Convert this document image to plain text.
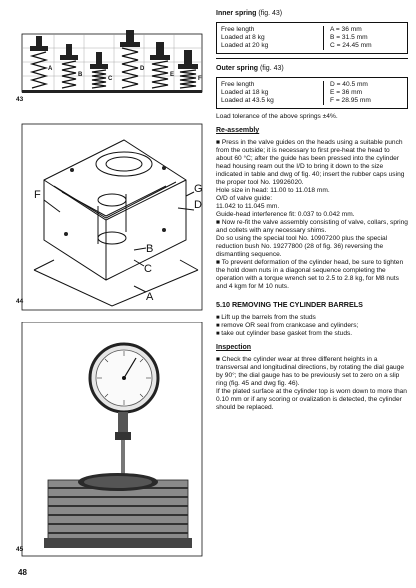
A
B
C
D
E
F
43
F	G
D
B
C
A
44
45

Inner spring (fig. 43)

Free length
Loaded at 8 kg
Loaded at 20 kg
A = 36 mm
B = 31.5 mm
C = 24.45 mm

Outer spring (fig. 43)

Free length
Loaded at 18 kg
Loaded at 43.5 kg
D = 40.5 mm
E = 36 mm
F = 28.95 mm

Load tolerance of the above springs ±4%.

Re-assembly

■ Press in the valve guides on the heads using a suitable punch from the outside; it is necessary to first pre-heat the head to about 60 °C; after the guide has been pressed into the cylinder head housing ream out the I/D to bring it down to the size indicated in table and dwg of fig. 40; insert the rubber caps using the proper tool No. 19926020.

Hole size in head: 11.00 to 11.018 mm.

O/D of valve guide:

11.042 to 11.045 mm.

Guide-head interference fit: 0.037 to 0.042 mm.

■ Now re-fit the valve assembly consisting of valve, collars, spring and collets with any necessary shims.

Do so using the special tool No. 10907200 plus the special reduction bush No. 19277800 (28 of fig. 36) reversing the dismantling sequence.

■ To prevent deformation of the cylinder head, be sure to tighten the hold down nuts in a diagonal sequence completing the operation with a torque wrench set to 2.5 to 2.8 kg, for M8 nuts and 4 kgm for M 10 nuts.

5.10 REMOVING THE CYLINDER BARRELS

■ Lift up the barrels from the studs

■ remove OR seal from crankcase and cylinders;

■ take out cylinder base gasket from the studs.

Inspection

■ Check the cylinder wear at three different heights in a transversal and longitudinal directions, by rotating the dial gauge by 90°; the dial gauge has to be previously set to zero on a slip ring (fig. 45 and dwg fig. 46).

If the plated surface at the cylinder top is worn down to more than 0.10 mm or if any scoring or ovalization is detected, the cylinder should be replaced.

48
